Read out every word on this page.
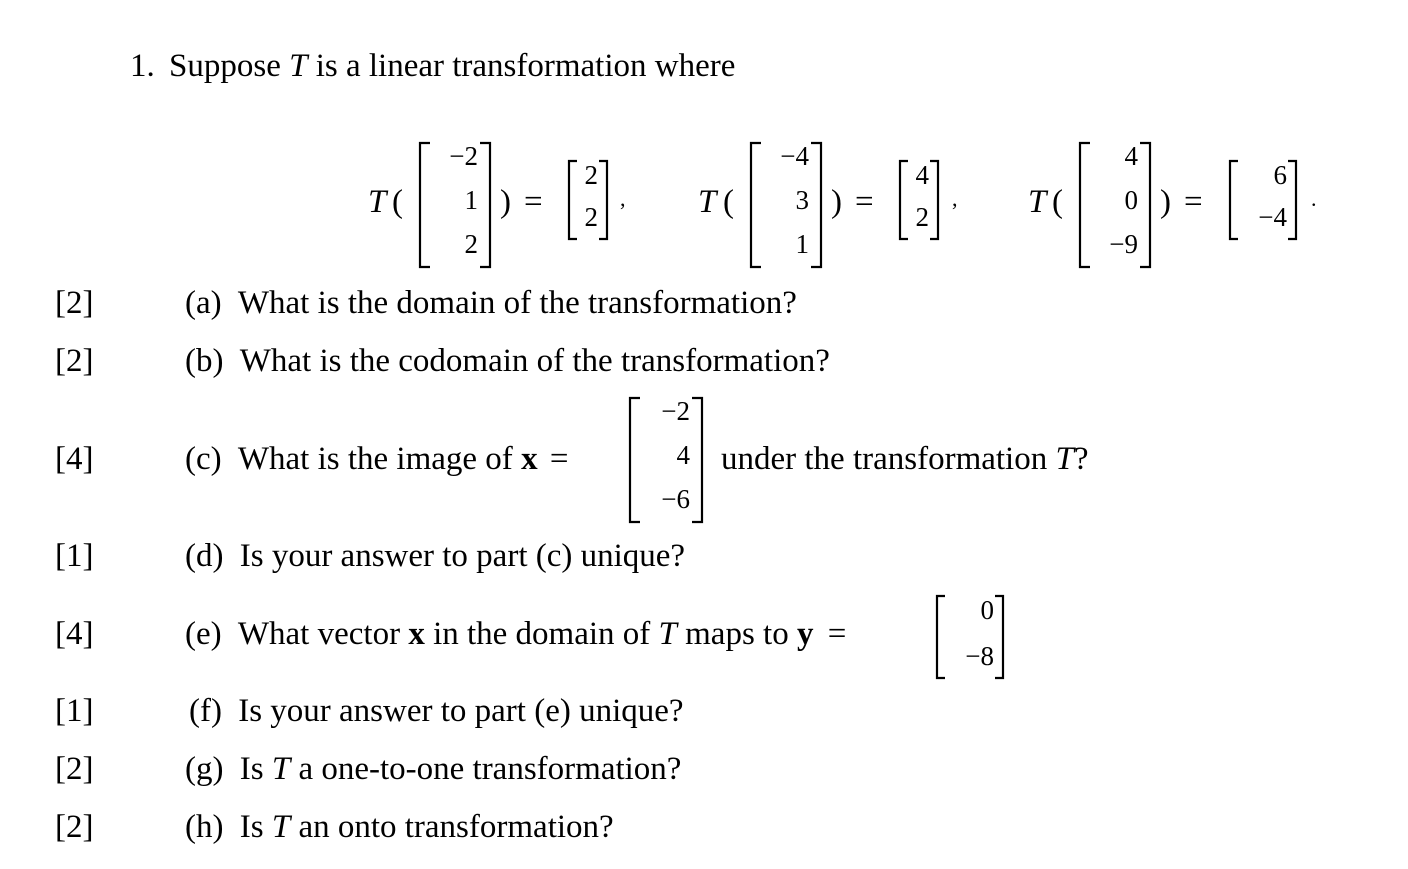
1. Suppose T is a linear transformation where
T (
−2
1
2
) =
2
2
, T (
−4
3
1
) =
4
2
, T (
4
0
−9
) =
6
−4
.
[2]	(a) What is the domain of the transformation?
[2]	(b) What is the codomain of the transformation?
[4]	(c) What is the image of x =
−2
4
−6
under the transformation T?
[1]	(d) Is your answer to part (c) unique?
[4]	(e) What vector x in the domain of T maps to y =
0
−8
[1]	(f) Is your answer to part (e) unique?
[2]	(g) Is T a one-to-one transformation?
[2]	(h) Is T an onto transformation?
